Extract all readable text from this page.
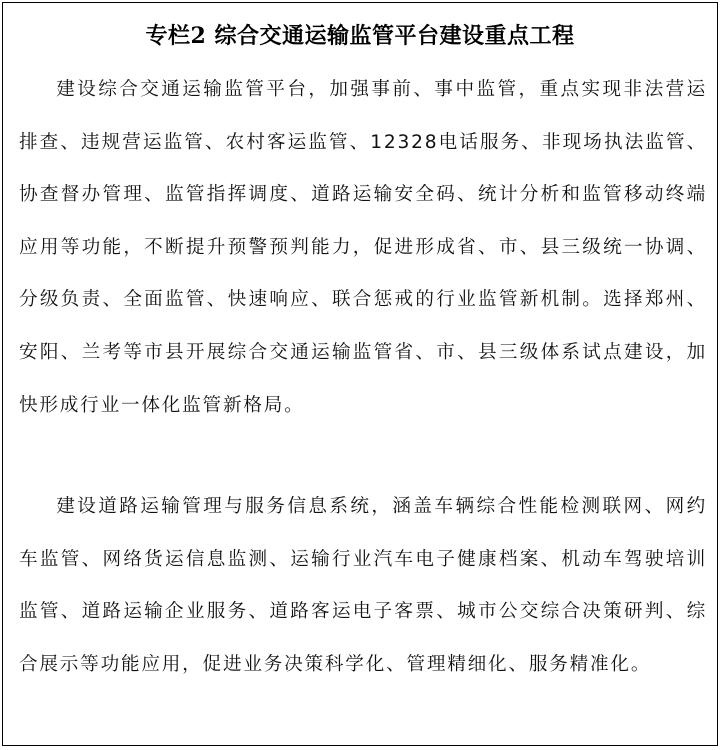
专栏2 综合交通运输监管平台建设重点工程

建设综合交通运输监管平台，加强事前、事中监管，重点实现非法营运排查、违规营运监管、农村客运监管、12328电话服务、非现场执法监管、协查督办管理、监管指挥调度、道路运输安全码、统计分析和监管移动终端应用等功能，不断提升预警预判能力，促进形成省、市、县三级统一协调、分级负责、全面监管、快速响应、联合惩戒的行业监管新机制。选择郑州、安阳、兰考等市县开展综合交通运输监管省、市、县三级体系试点建设，加快形成行业一体化监管新格局。

建设道路运输管理与服务信息系统，涵盖车辆综合性能检测联网、网约车监管、网络货运信息监测、运输行业汽车电子健康档案、机动车驾驶培训监管、道路运输企业服务、道路客运电子客票、城市公交综合决策研判、综合展示等功能应用，促进业务决策科学化、管理精细化、服务精准化。
